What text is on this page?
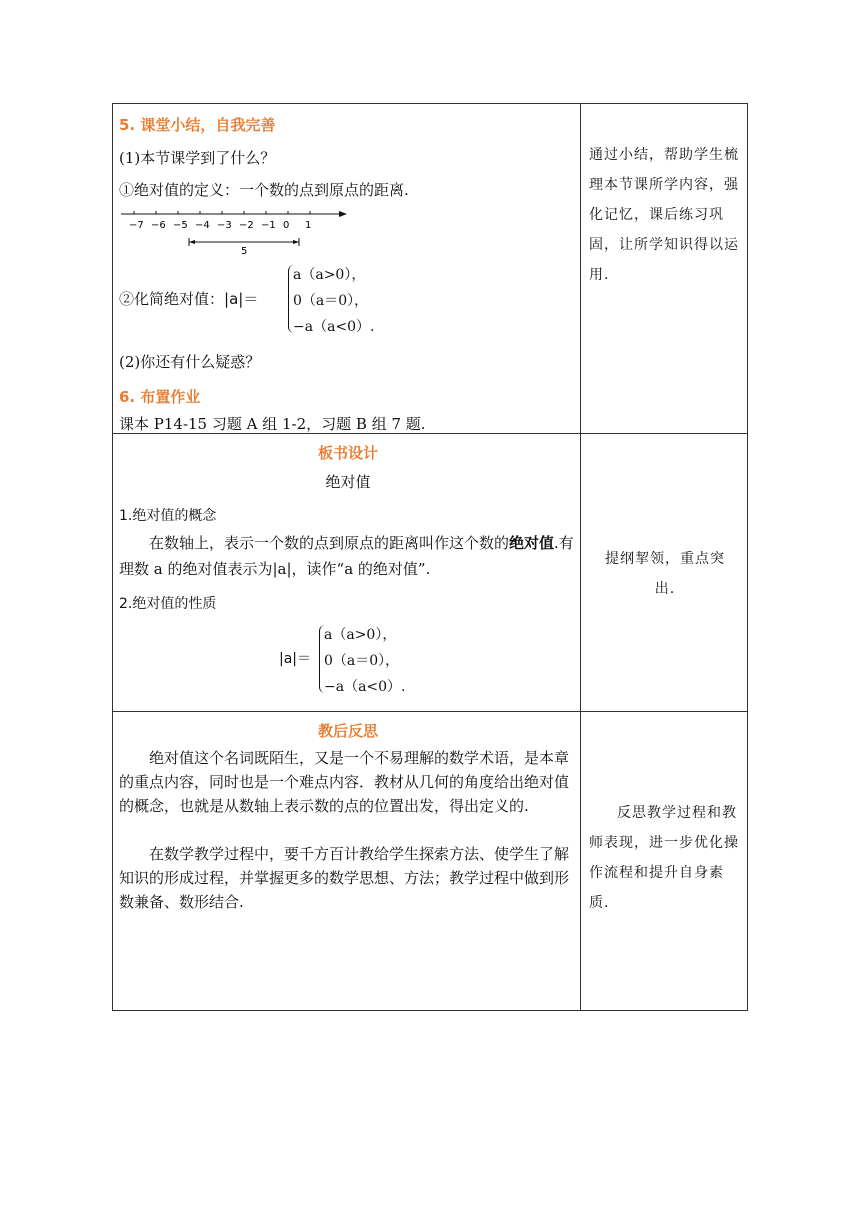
5. 课堂小结，自我完善
(1)本节课学到了什么？
①绝对值的定义：一个数的点到原点的距离.
−7 −6 −5 −4 −3 −2 −1 0 1
5
②化简绝对值：|a|＝
a（a>0），
0（a＝0），
−a（a<0）.
(2)你还有什么疑惑？
6. 布置作业
课本 P14-15 习题 A 组 1-2，习题 B 组 7 题.
通过小结，帮助学生梳理本节课所学内容，强化记忆，课后练习巩固，让所学知识得以运用.
板书设计
绝对值
1.绝对值的概念
在数轴上，表示一个数的点到原点的距离叫作这个数的绝对值.有理数 a 的绝对值表示为|a|，读作“a 的绝对值”.
2.绝对值的性质
|a|＝
a（a>0），
0（a＝0），
−a（a<0）.
提纲挈领，重点突出.
教后反思
绝对值这个名词既陌生，又是一个不易理解的数学术语，是本章的重点内容，同时也是一个难点内容．教材从几何的角度给出绝对值的概念，也就是从数轴上表示数的点的位置出发，得出定义的.
在数学教学过程中，要千方百计教给学生探索方法、使学生了解知识的形成过程，并掌握更多的数学思想、方法；教学过程中做到形数兼备、数形结合.
反思教学过程和教师表现，进一步优化操作流程和提升自身素质.
